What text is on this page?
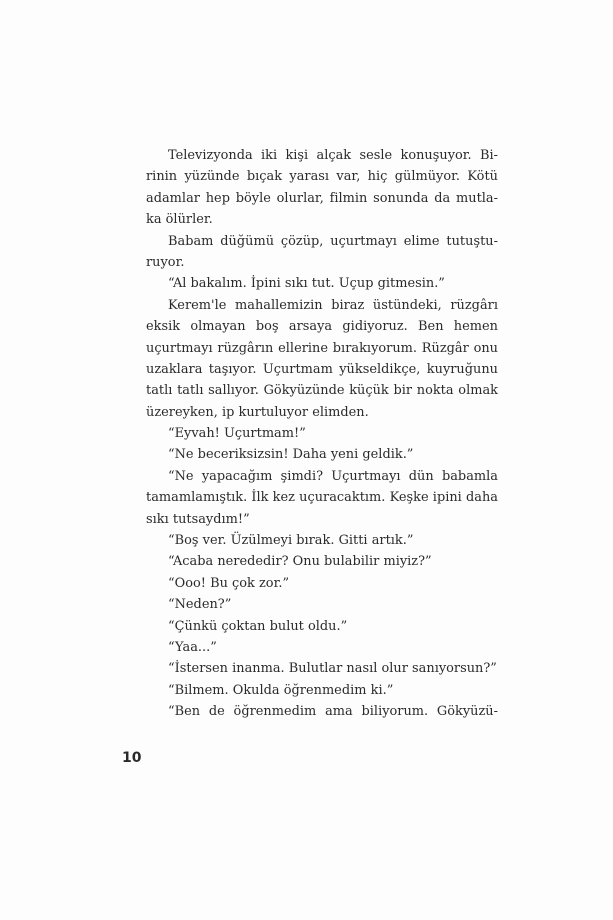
Televizyonda iki kişi alçak sesle konuşuyor. Bi-
rinin yüzünde bıçak yarası var, hiç gülmüyor. Kötü
adamlar hep böyle olurlar, filmin sonunda da mutla-
ka ölürler.
Babam düğümü çözüp, uçurtmayı elime tutuştu-
ruyor.
“Al bakalım. İpini sıkı tut. Uçup gitmesin.”
Kerem'le mahallemizin biraz üstündeki, rüzgârı
eksik olmayan boş arsaya gidiyoruz. Ben hemen
uçurtmayı rüzgârın ellerine bırakıyorum. Rüzgâr onu
uzaklara taşıyor. Uçurtmam yükseldikçe, kuyruğunu
tatlı tatlı sallıyor. Gökyüzünde küçük bir nokta olmak
üzereyken, ip kurtuluyor elimden.
“Eyvah! Uçurtmam!”
“Ne beceriksizsin! Daha yeni geldik.”
“Ne yapacağım şimdi? Uçurtmayı dün babamla
tamamlamıştık. İlk kez uçuracaktım. Keşke ipini daha
sıkı tutsaydım!”
“Boş ver. Üzülmeyi bırak. Gitti artık.”
“Acaba nerededir? Onu bulabilir miyiz?”
“Ooo! Bu çok zor.”
“Neden?”
“Çünkü çoktan bulut oldu.”
“Yaa...”
“İstersen inanma. Bulutlar nasıl olur sanıyorsun?”
“Bilmem. Okulda öğrenmedim ki.”
“Ben de öğrenmedim ama biliyorum. Gökyüzü-
10
